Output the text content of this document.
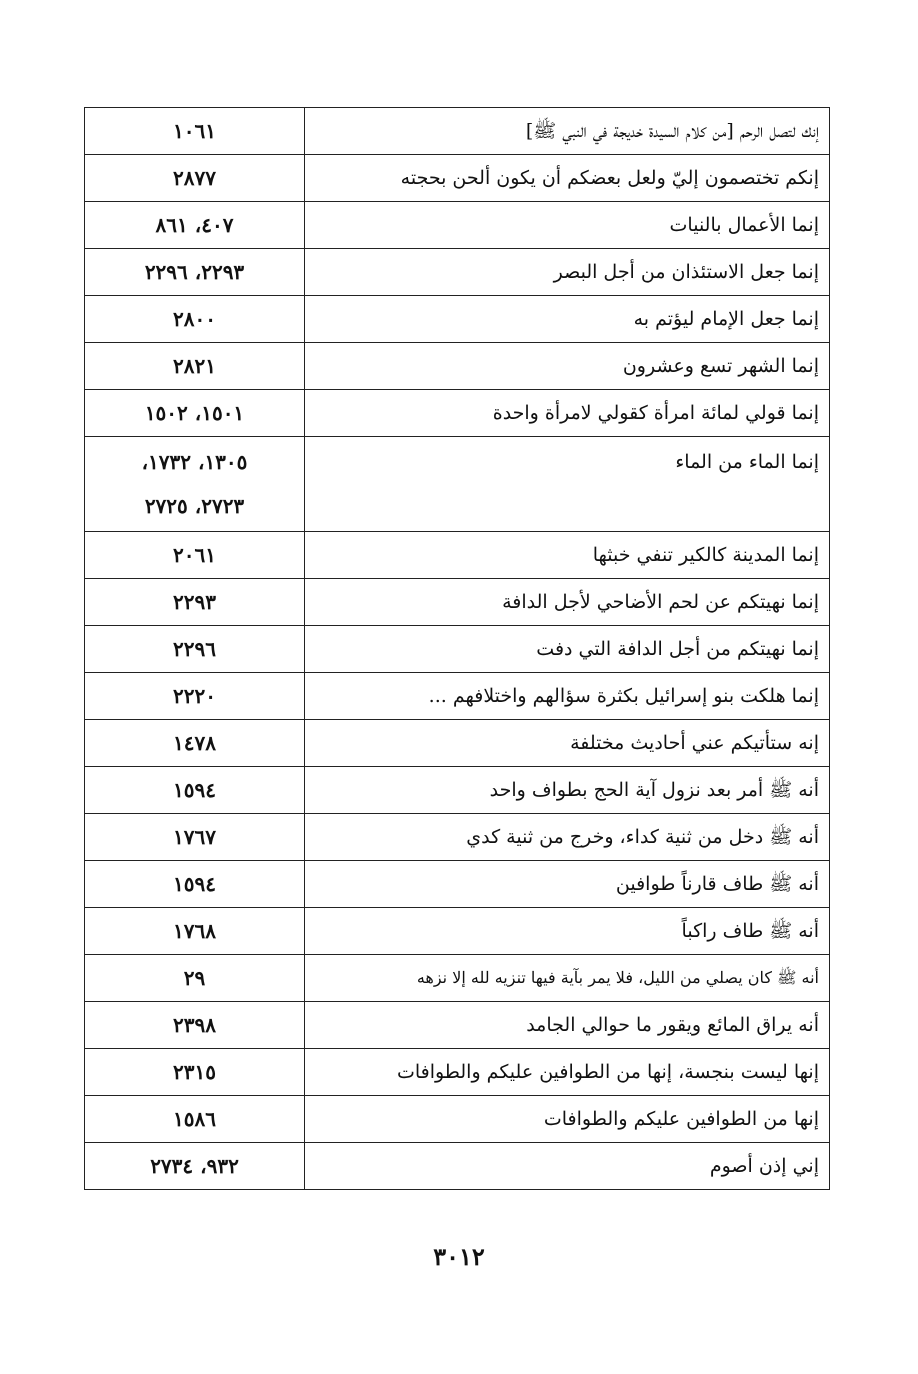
إنك لتصل الرحم [من كلام السيدة خديجة في النبي ﷺ]	١٠٦١
إنكم تختصمون إليّ ولعل بعضكم أن يكون ألحن بحجته	٢٨٧٧
إنما الأعمال بالنيات	٤٠٧، ٨٦١
إنما جعل الاستئذان من أجل البصر	٢٢٩٣، ٢٢٩٦
إنما جعل الإمام ليؤتم به	٢٨٠٠
إنما الشهر تسع وعشرون	٢٨٢١
إنما قولي لمائة امرأة كقولي لامرأة واحدة	١٥٠١، ١٥٠٢
إنما الماء من الماء	١٣٠٥، ١٧٣٢،
٢٧٢٣، ٢٧٢٥

إنما المدينة كالكير تنفي خبثها	٢٠٦١
إنما نهيتكم عن لحم الأضاحي لأجل الدافة	٢٢٩٣
إنما نهيتكم من أجل الدافة التي دفت	٢٢٩٦
إنما هلكت بنو إسرائيل بكثرة سؤالهم واختلافهم ...	٢٢٢٠
إنه ستأتيكم عني أحاديث مختلفة	١٤٧٨
أنه ﷺ أمر بعد نزول آية الحج بطواف واحد	١٥٩٤
أنه ﷺ دخل من ثنية كداء، وخرج من ثنية كدي	١٧٦٧
أنه ﷺ طاف قارناً طوافين	١٥٩٤
أنه ﷺ طاف راكباً	١٧٦٨
أنه ﷺ كان يصلي من الليل، فلا يمر بآية فيها تنزيه لله إلا نزهه	٢٩
أنه يراق المائع ويقور ما حوالي الجامد	٢٣٩٨
إنها ليست بنجسة، إنها من الطوافين عليكم والطوافات	٢٣١٥
إنها من الطوافين عليكم والطوافات	١٥٨٦
إني إذن أصوم	٩٣٢، ٢٧٣٤
٣٠١٢
